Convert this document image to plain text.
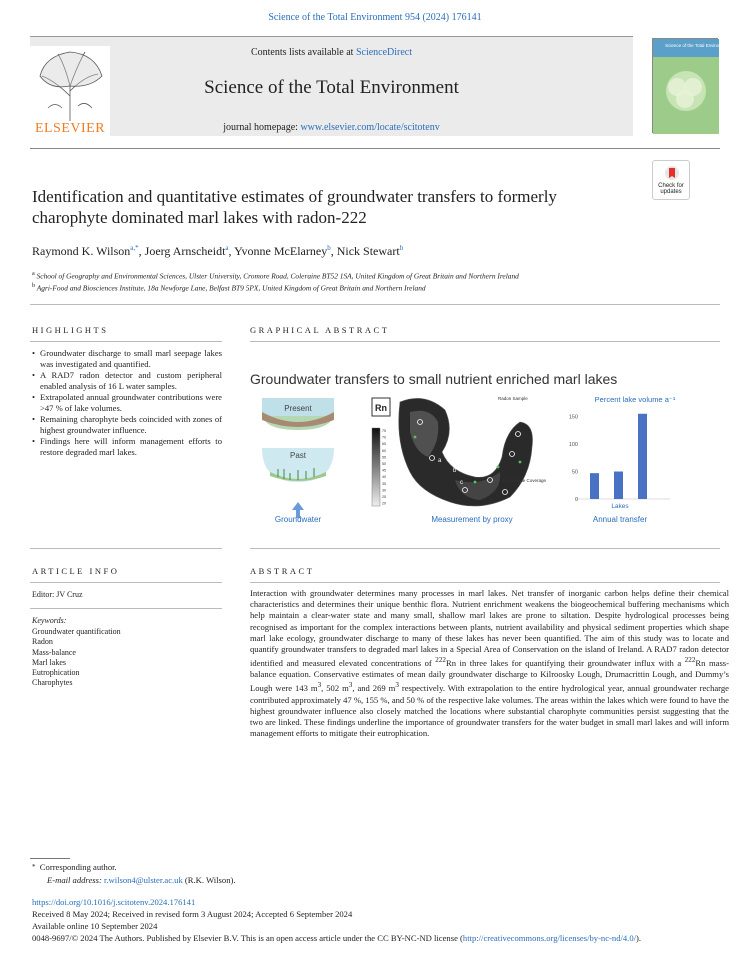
Science of the Total Environment 954 (2024) 176141
Contents lists available at ScienceDirect
Science of the Total Environment
journal homepage: www.elsevier.com/locate/scitotenv
ELSEVIER
Science of the Total Environment
Check for updates
Identification and quantitative estimates of groundwater transfers to formerly charophyte dominated marl lakes with radon-222
Raymond K. Wilson$^{a,*}$, Joerg Arnscheidt$^a$, Yvonne McElarney$^b$, Nick Stewart$^b$
$^a$ School of Geography and Environmental Sciences, Ulster University, Cromore Road, Coleraine BT52 1SA, United Kingdom of Great Britain and Northern Ireland
$^b$ Agri-Food and Biosciences Institute, 18a Newforge Lane, Belfast BT9 5PX, United Kingdom of Great Britain and Northern Ireland
HIGHLIGHTS
• Groundwater discharge to small marl seepage lakes was investigated and quantified.
• A RAD7 radon detector and custom peripheral enabled analysis of 16 L water samples.
• Extrapolated annual groundwater contributions were >47 % of lake volumes.
• Remaining charophyte beds coincided with zones of highest groundwater influence.
• Findings here will inform management efforts to restore degraded marl lakes.
GRAPHICAL ABSTRACT
Groundwater transfers to small nutrient enriched marl lakes
Present
Past
Groundwater
Rn
75
70
65
60
55
50
45
40
35
30
25
20
a
b
c
Radon Sample
Charophyte Coverage
Measurement by proxy
Percent lake volume a⁻¹
Lakes
Annual transfer
0
50
100
150
ARTICLE INFO
Editor: JV Cruz
Keywords:
Groundwater quantification
Radon
Mass-balance
Marl lakes
Eutrophication
Charophytes
ABSTRACT
Interaction with groundwater determines many processes in marl lakes. Net transfer of inorganic carbon helps define their chemical characteristics and determines their unique benthic flora. Nutrient enrichment weakens the biogeochemical buffering mechanisms which help maintain a clear-water state and many small, shallow marl lakes are prone to siltation. Despite hydrological processes being recognised as important for the complex interactions between plants, nutrient availability and physical sediment properties which shape marl lake ecology, groundwater discharge to many of these lakes has never been quantified. The aim of this study was to locate and quantify groundwater transfers to degraded marl lakes in a Special Area of Conservation on the island of Ireland. A RAD7 radon detector identified and measured elevated concentrations of $^{222}$Rn in three lakes for quantifying their groundwater influx with a $^{222}$Rn mass-balance equation. Conservative estimates of mean daily groundwater discharge to Kilroosky Lough, Drumacrittin Lough, and Dummy’s Lough were 143 $m^3$, 502 $m^3$, and 269 $m^3$ respectively. With extrapolation to the entire hydrological year, annual groundwater recharge contributed approximately 47 %, 155 %, and 50 % of the respective lake volumes. The areas within the lakes which were found to have the highest groundwater influence also closely matched the locations where substantial charophyte communities persist suggesting that the two are linked. These findings underline the importance of groundwater transfers for the water budget in small marl lakes and will inform management efforts to mitigate their eutrophication.
* Corresponding author.
E-mail address: r.wilson4@ulster.ac.uk (R.K. Wilson).
https://doi.org/10.1016/j.scitotenv.2024.176141
Received 8 May 2024; Received in revised form 3 August 2024; Accepted 6 September 2024
Available online 10 September 2024
0048-9697/© 2024 The Authors. Published by Elsevier B.V. This is an open access article under the CC BY-NC-ND license (http://creativecommons.org/licenses/by-nc-nd/4.0/).
